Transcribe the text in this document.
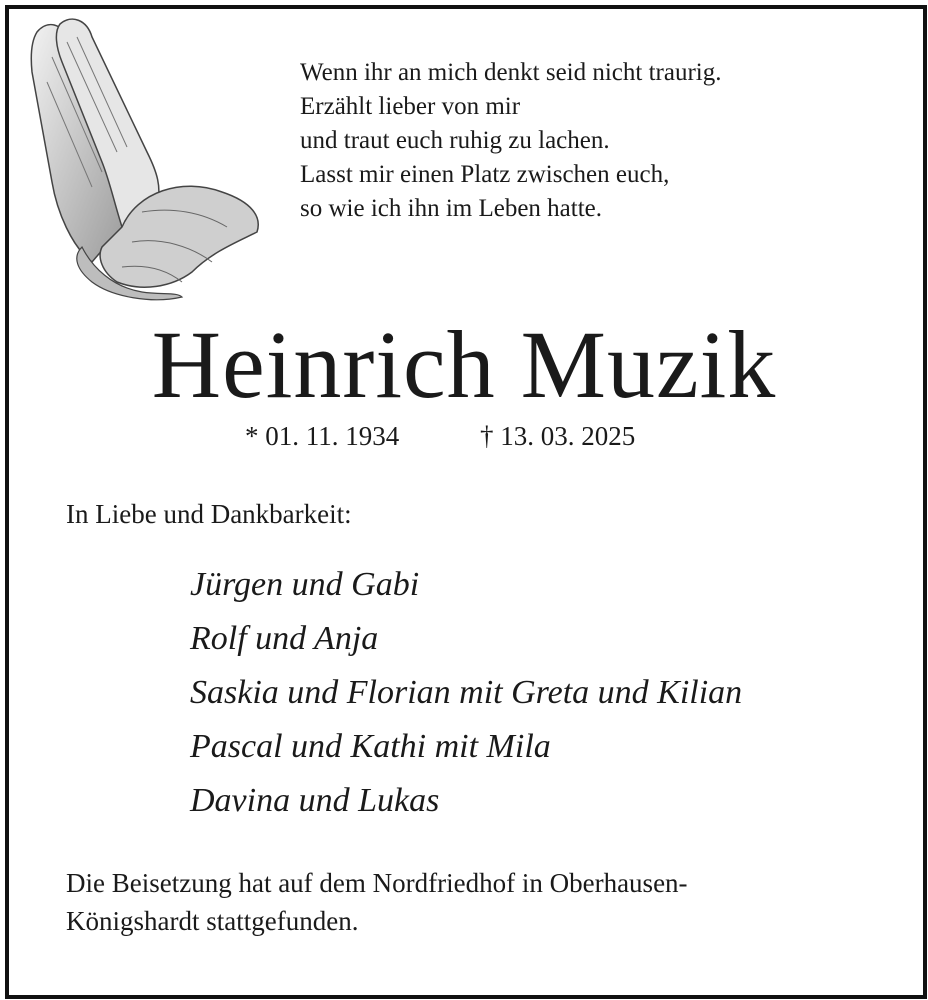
Wenn ihr an mich denkt seid nicht traurig.
Erzählt lieber von mir
und traut euch ruhig zu lachen.
Lasst mir einen Platz zwischen euch,
so wie ich ihn im Leben hatte.
Heinrich Muzik
* 01. 11. 1934	† 13. 03. 2025
In Liebe und Dankbarkeit:
Jürgen und Gabi
Rolf und Anja
Saskia und Florian mit Greta und Kilian
Pascal und Kathi mit Mila
Davina und Lukas
Die Beisetzung hat auf dem Nordfriedhof in Oberhausen-
Königshardt stattgefunden.
